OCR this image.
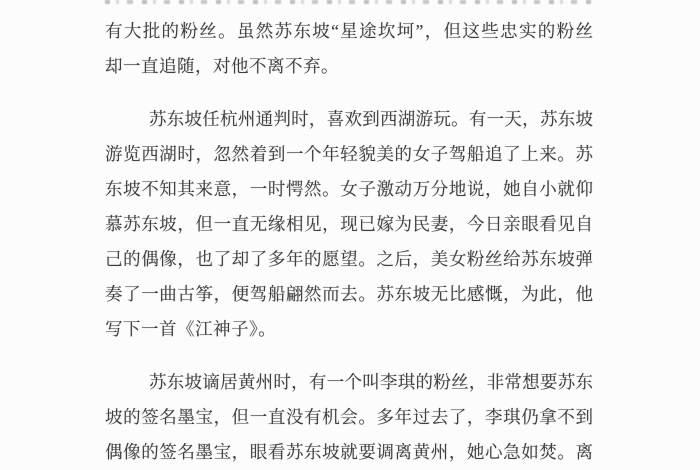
有大批的粉丝。虽然苏东坡“星途坎坷”，但这些忠实的粉丝
却一直追随，对他不离不弃。
苏东坡任杭州通判时，喜欢到西湖游玩。有一天，苏东坡
游览西湖时，忽然着到一个年轻貌美的女子驾船追了上来。苏
东坡不知其来意，一时愕然。女子激动万分地说，她自小就仰
慕苏东坡，但一直无缘相见，现已嫁为民妻，今日亲眼看见自
己的偶像，也了却了多年的愿望。之后，美女粉丝给苏东坡弹
奏了一曲古筝，便驾船翩然而去。苏东坡无比感慨，为此，他
写下一首《江神子》。
苏东坡谪居黄州时，有一个叫李琪的粉丝，非常想要苏东
坡的签名墨宝，但一直没有机会。多年过去了，李琪仍拿不到
偶像的签名墨宝，眼看苏东坡就要调离黄州，她心急如焚。离
